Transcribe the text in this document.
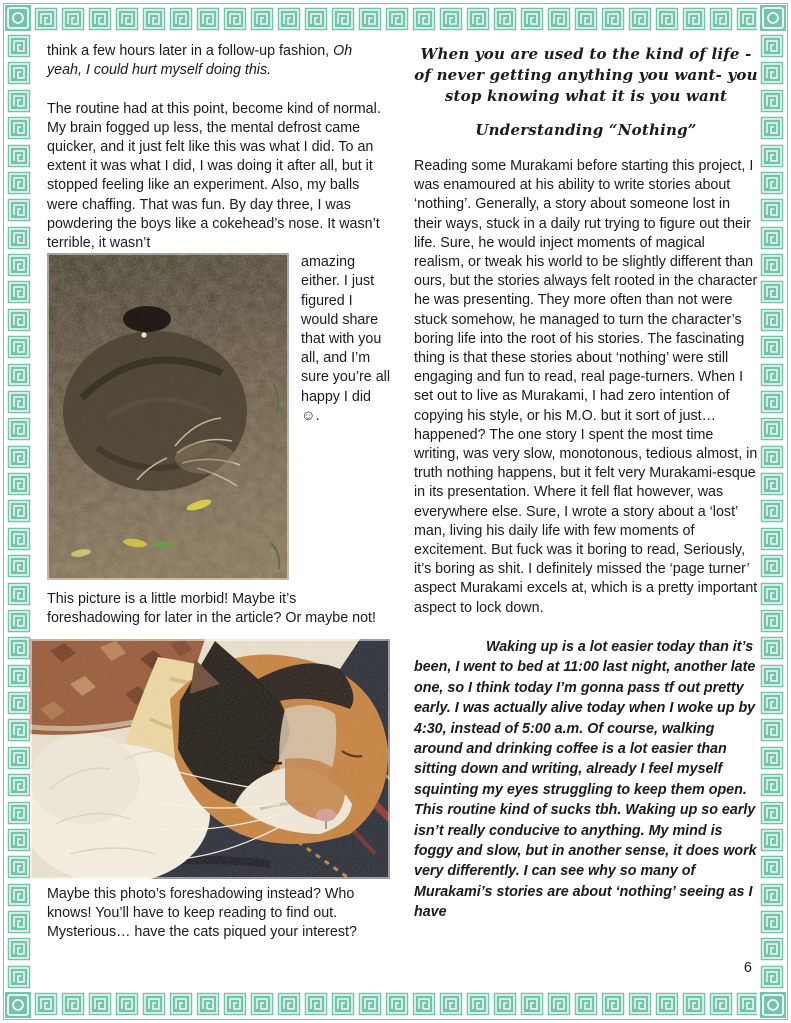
think a few hours later in a follow-up fashion, Oh yeah, I could hurt myself doing this.

The routine had at this point, become kind of normal. My brain fogged up less, the mental defrost came quicker, and it just felt like this was what I did. To an extent it was what I did, I was doing it after all, but it stopped feeling like an experiment. Also, my balls were chaffing. That was fun. By day three, I was powdering the boys like a cokehead’s nose. It wasn’t terrible, it wasn’t

amazing either. I just figured I would share that with you all, and I’m sure you’re all happy I did ☺.

This picture is a little morbid! Maybe it’s foreshadowing for later in the article? Or maybe not!

Maybe this photo’s foreshadowing instead? Who knows! You’ll have to keep reading to find out. Mysterious… have the cats piqued your interest?

When you are used to the kind of life -of never getting anything you want- you stop knowing what it is you want

Understanding “Nothing”

Reading some Murakami before starting this project, I was enamoured at his ability to write stories about ‘nothing’. Generally, a story about someone lost in their ways, stuck in a daily rut trying to figure out their life. Sure, he would inject moments of magical realism, or tweak his world to be slightly different than ours, but the stories always felt rooted in the character he was presenting. They more often than not were stuck somehow, he managed to turn the character’s boring life into the root of his stories. The fascinating thing is that these stories about ‘nothing’ were still engaging and fun to read, real page-turners. When I set out to live as Murakami, I had zero intention of copying his style, or his M.O. but it sort of just… happened? The one story I spent the most time writing, was very slow, monotonous, tedious almost, in truth nothing happens, but it felt very Murakami-esque in its presentation. Where it fell flat however, was everywhere else. Sure, I wrote a story about a ‘lost’ man, living his daily life with few moments of excitement. But fuck was it boring to read, Seriously, it’s boring as shit. I definitely missed the ‘page turner’ aspect Murakami excels at, which is a pretty important aspect to lock down.

Waking up is a lot easier today than it’s been, I went to bed at 11:00 last night, another late one, so I think today I’m gonna pass tf out pretty early. I was actually alive today when I woke up by 4:30, instead of 5:00 a.m. Of course, walking around and drinking coffee is a lot easier than sitting down and writing, already I feel myself squinting my eyes struggling to keep them open. This routine kind of sucks tbh. Waking up so early isn’t really conducive to anything. My mind is foggy and slow, but in another sense, it does work very differently. I can see why so many of Murakami’s stories are about ‘nothing’ seeing as I have

6
